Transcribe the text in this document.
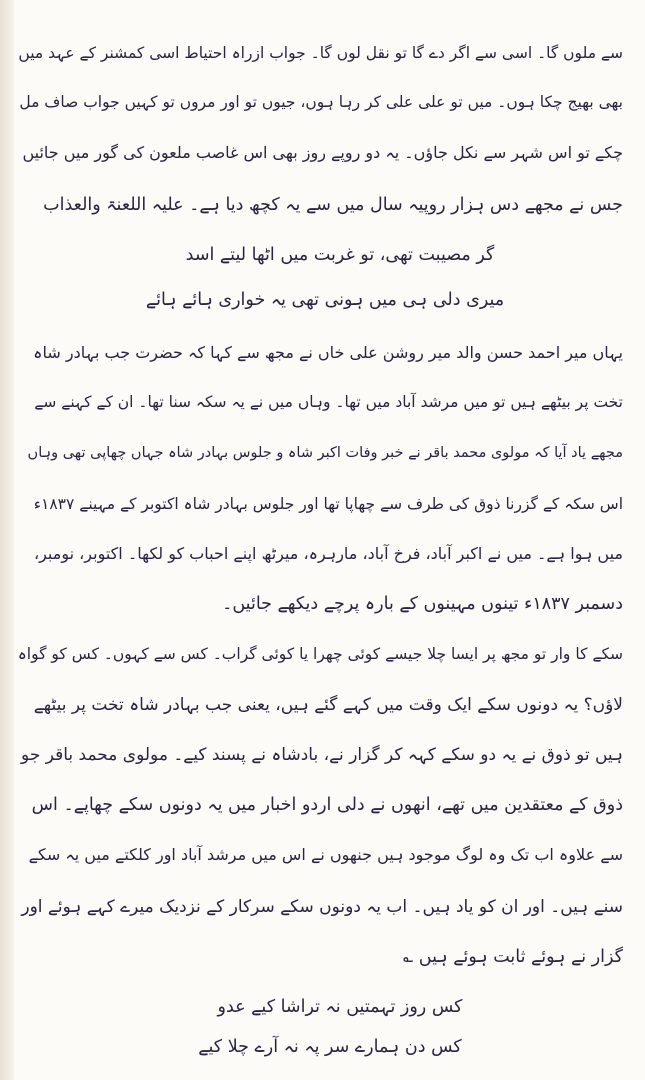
سے ملوں گا۔ اسی سے اگر دے گا تو نقل لوں گا۔ جواب ازراہ احتیاط اسی کمشنر کے عہد میں
بھی بھیج چکا ہوں۔ میں تو علی علی کر رہا ہوں، جیوں تو اور مروں تو کہیں جواب صاف مل
چکے تو اس شہر سے نکل جاؤں۔ یہ دو روپے روز بھی اس غاصب ملعون کی گور میں جائیں
جس نے مجھے دس ہزار روپیہ سال میں سے یہ کچھ دیا ہے۔ علیہ اللعنۃ والعذاب
گر مصیبت تھی، تو غربت میں اٹھا لیتے اسد
میری دلی ہی میں ہونی تھی یہ خواری ہائے ہائے
یہاں میر احمد حسن والد میر روشن علی خاں نے مجھ سے کہا کہ حضرت جب بہادر شاہ
تخت پر بیٹھے ہیں تو میں مرشد آباد میں تھا۔ وہاں میں نے یہ سکہ سنا تھا۔ ان کے کہنے سے
مجھے یاد آیا کہ مولوی محمد باقر نے خبر وفات اکبر شاہ و جلوس بہادر شاہ جہاں چھاپی تھی وہاں
اس سکہ کے گزرنا ذوق کی طرف سے چھاپا تھا اور جلوس بہادر شاہ اکتوبر کے مہینے ۱۸۳۷ء
میں ہوا ہے۔ میں نے اکبر آباد، فرخ آباد، مارہرہ، میرٹھ اپنے احباب کو لکھا۔ اکتوبر، نومبر،
دسمبر ۱۸۳۷ء تینوں مہینوں کے بارہ پرچے دیکھے جائیں۔
سکے کا وار تو مجھ پر ایسا چلا جیسے کوئی چھرا یا کوئی گراب۔ کس سے کہوں۔ کس کو گواہ
لاؤں؟ یہ دونوں سکے ایک وقت میں کہے گئے ہیں، یعنی جب بہادر شاہ تخت پر بیٹھے
ہیں تو ذوق نے یہ دو سکے کہہ کر گزار نے، بادشاہ نے پسند کیے۔ مولوی محمد باقر جو
ذوق کے معتقدین میں تھے، انھوں نے دلی اردو اخبار میں یہ دونوں سکے چھاپے۔ اس
سے علاوہ اب تک وہ لوگ موجود ہیں جنھوں نے اس میں مرشد آباد اور کلکتے میں یہ سکے
سنے ہیں۔ اور ان کو یاد ہیں۔ اب یہ دونوں سکے سرکار کے نزدیک میرے کہے ہوئے اور
گزار نے ہوئے ثابت ہوئے ہیں ؎
کس روز تہمتیں نہ تراشا کیے عدو
کس دن ہمارے سر پہ نہ آرے چلا کیے
